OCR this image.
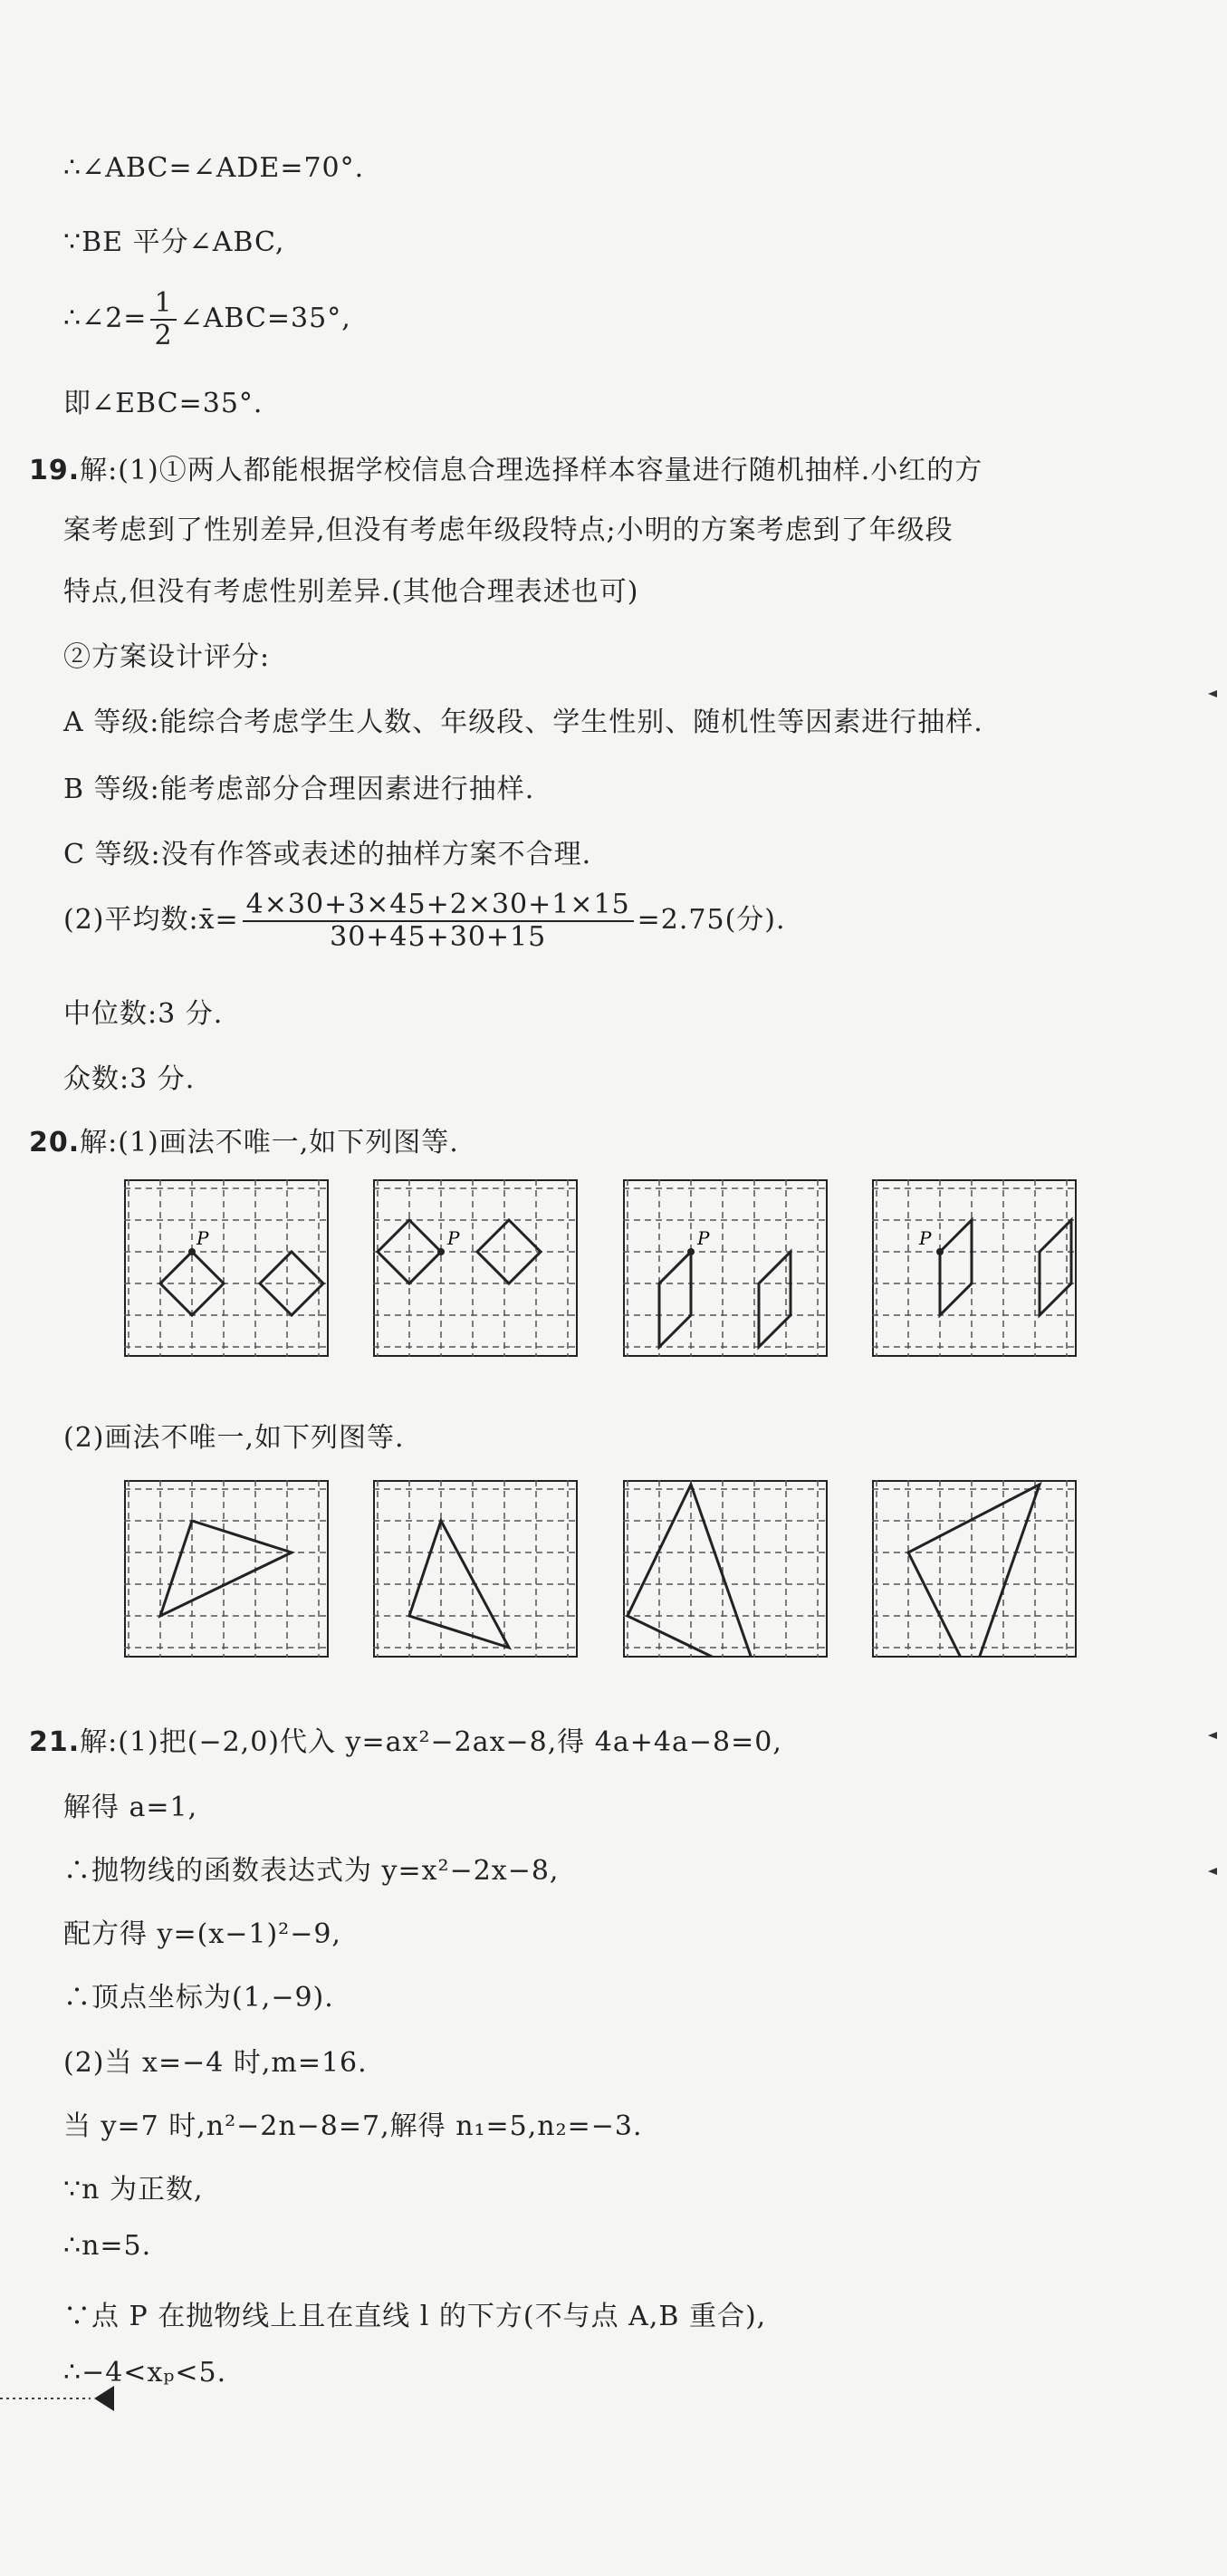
∴∠ABC=∠ADE=70°.
∵BE 平分∠ABC,
∴∠2= $\frac{1}{2}$ ∠ABC=35°,
即∠EBC=35°.
19.解:(1)①两人都能根据学校信息合理选择样本容量进行随机抽样.小红的方
案考虑到了性别差异,但没有考虑年级段特点;小明的方案考虑到了年级段
特点,但没有考虑性别差异.(其他合理表述也可)
②方案设计评分:
A 等级:能综合考虑学生人数、年级段、学生性别、随机性等因素进行抽样.
B 等级:能考虑部分合理因素进行抽样.
C 等级:没有作答或表述的抽样方案不合理.
(2)平均数:x̄= $\frac{4\times 30+3\times 45+2\times 30+1\times 15}{30+45+30+15} =2.75$(分).
中位数:3 分.
众数:3 分.
20.解:(1)画法不唯一,如下列图等.
P	P	P	P
(2)画法不唯一,如下列图等.
21.解:(1)把(−2,0)代入 y=ax²−2ax−8,得 4a+4a−8=0,
解得 a=1,
∴抛物线的函数表达式为 y=x²−2x−8,
配方得 y=(x−1)²−9,
∴顶点坐标为(1,−9).
(2)当 x=−4 时,m=16.
当 y=7 时,n²−2n−8=7,解得 n₁=5,n₂=−3.
∵n 为正数,
∴n=5.
∵点 P 在抛物线上且在直线 l 的下方(不与点 A,B 重合),
∴−4<xₚ<5.
